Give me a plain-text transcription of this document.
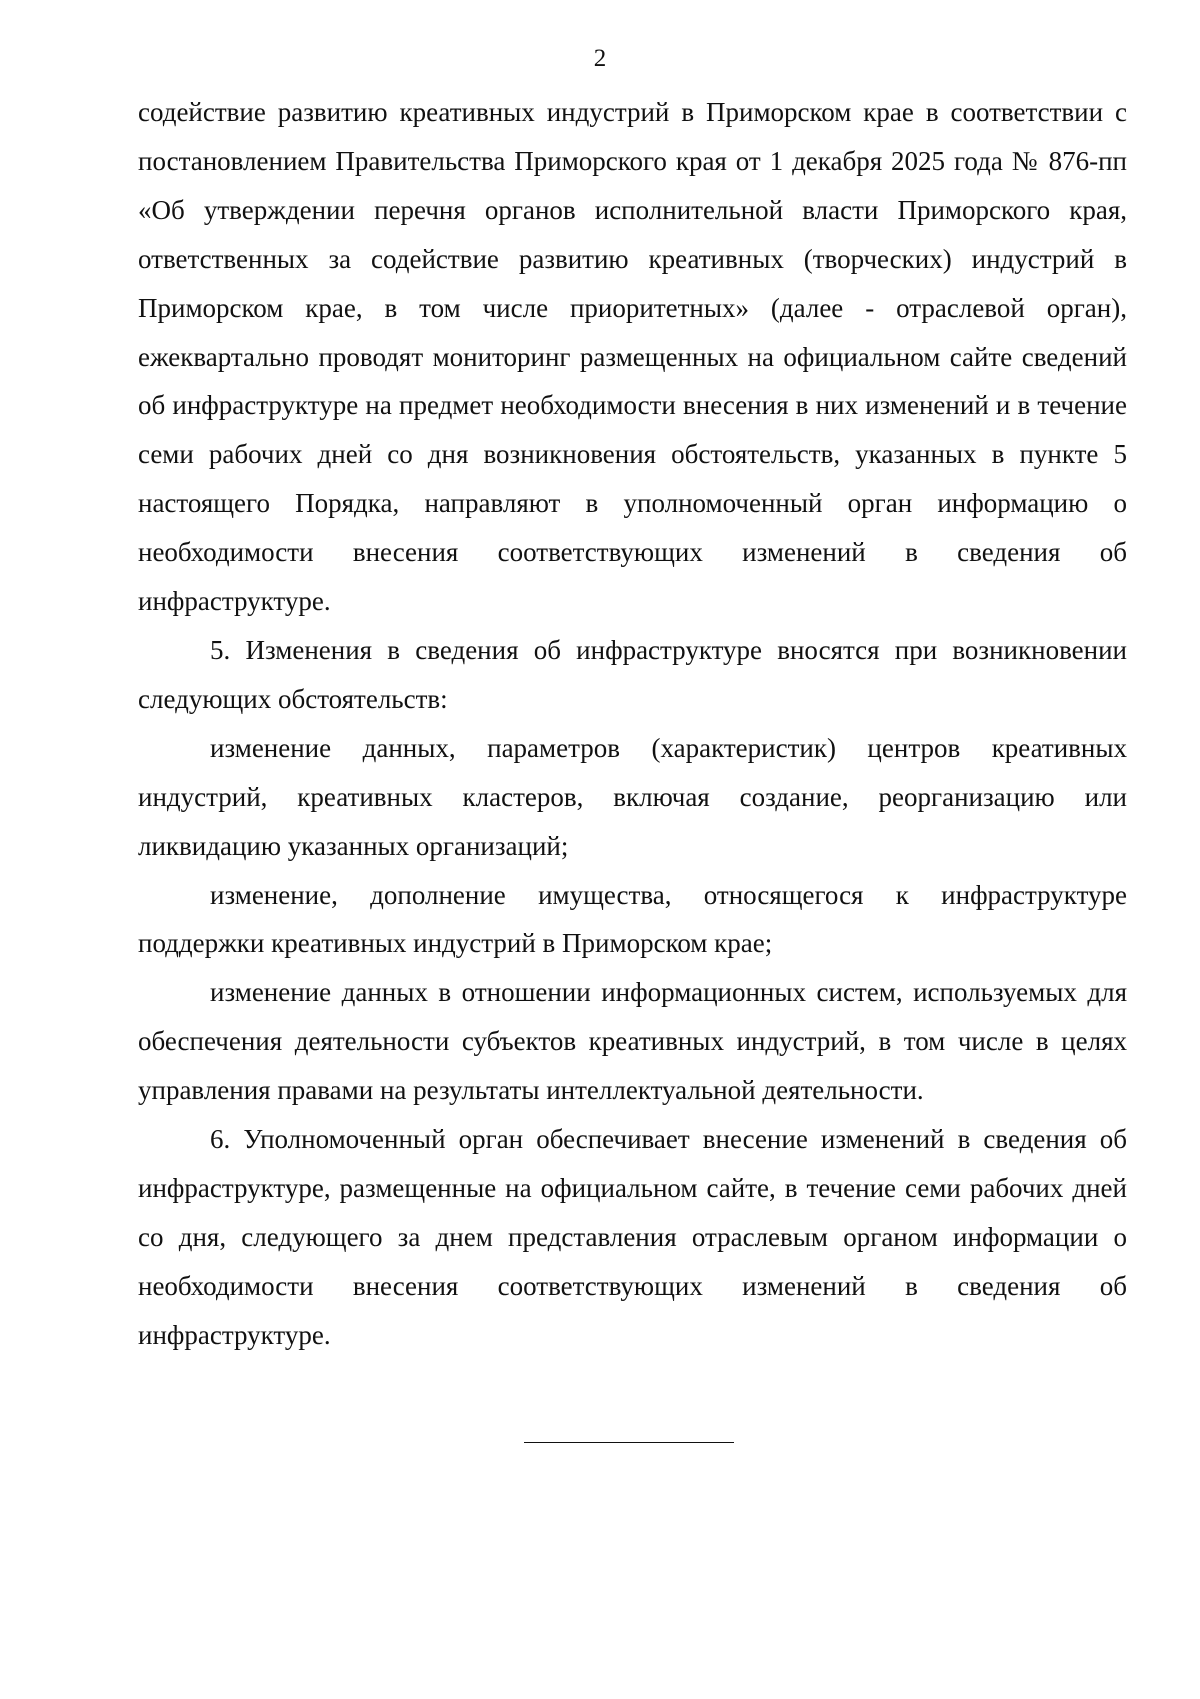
2

содействие развитию креативных индустрий в Приморском крае в соответствии с постановлением Правительства Приморского края от 1 декабря 2025 года № 876-пп «Об утверждении перечня органов исполнительной власти Приморского края, ответственных за содействие развитию креативных (творческих) индустрий в Приморском крае, в том числе приоритетных» (далее - отраслевой орган), ежеквартально проводят мониторинг размещенных на официальном сайте сведений об инфраструктуре на предмет необходимости внесения в них изменений и в течение семи рабочих дней со дня возникновения обстоятельств, указанных в пункте 5 настоящего Порядка, направляют в уполномоченный орган информацию о необходимости внесения соответствующих изменений в сведения об инфраструктуре.

5. Изменения в сведения об инфраструктуре вносятся при возникновении следующих обстоятельств:

изменение данных, параметров (характеристик) центров креативных индустрий, креативных кластеров, включая создание, реорганизацию или ликвидацию указанных организаций;

изменение, дополнение имущества, относящегося к инфраструктуре поддержки креативных индустрий в Приморском крае;

изменение данных в отношении информационных систем, используемых для обеспечения деятельности субъектов креативных индустрий, в том числе в целях управления правами на результаты интеллектуальной деятельности.

6. Уполномоченный орган обеспечивает внесение изменений в сведения об инфраструктуре, размещенные на официальном сайте, в течение семи рабочих дней со дня, следующего за днем представления отраслевым органом информации о необходимости внесения соответствующих изменений в сведения об инфраструктуре.
